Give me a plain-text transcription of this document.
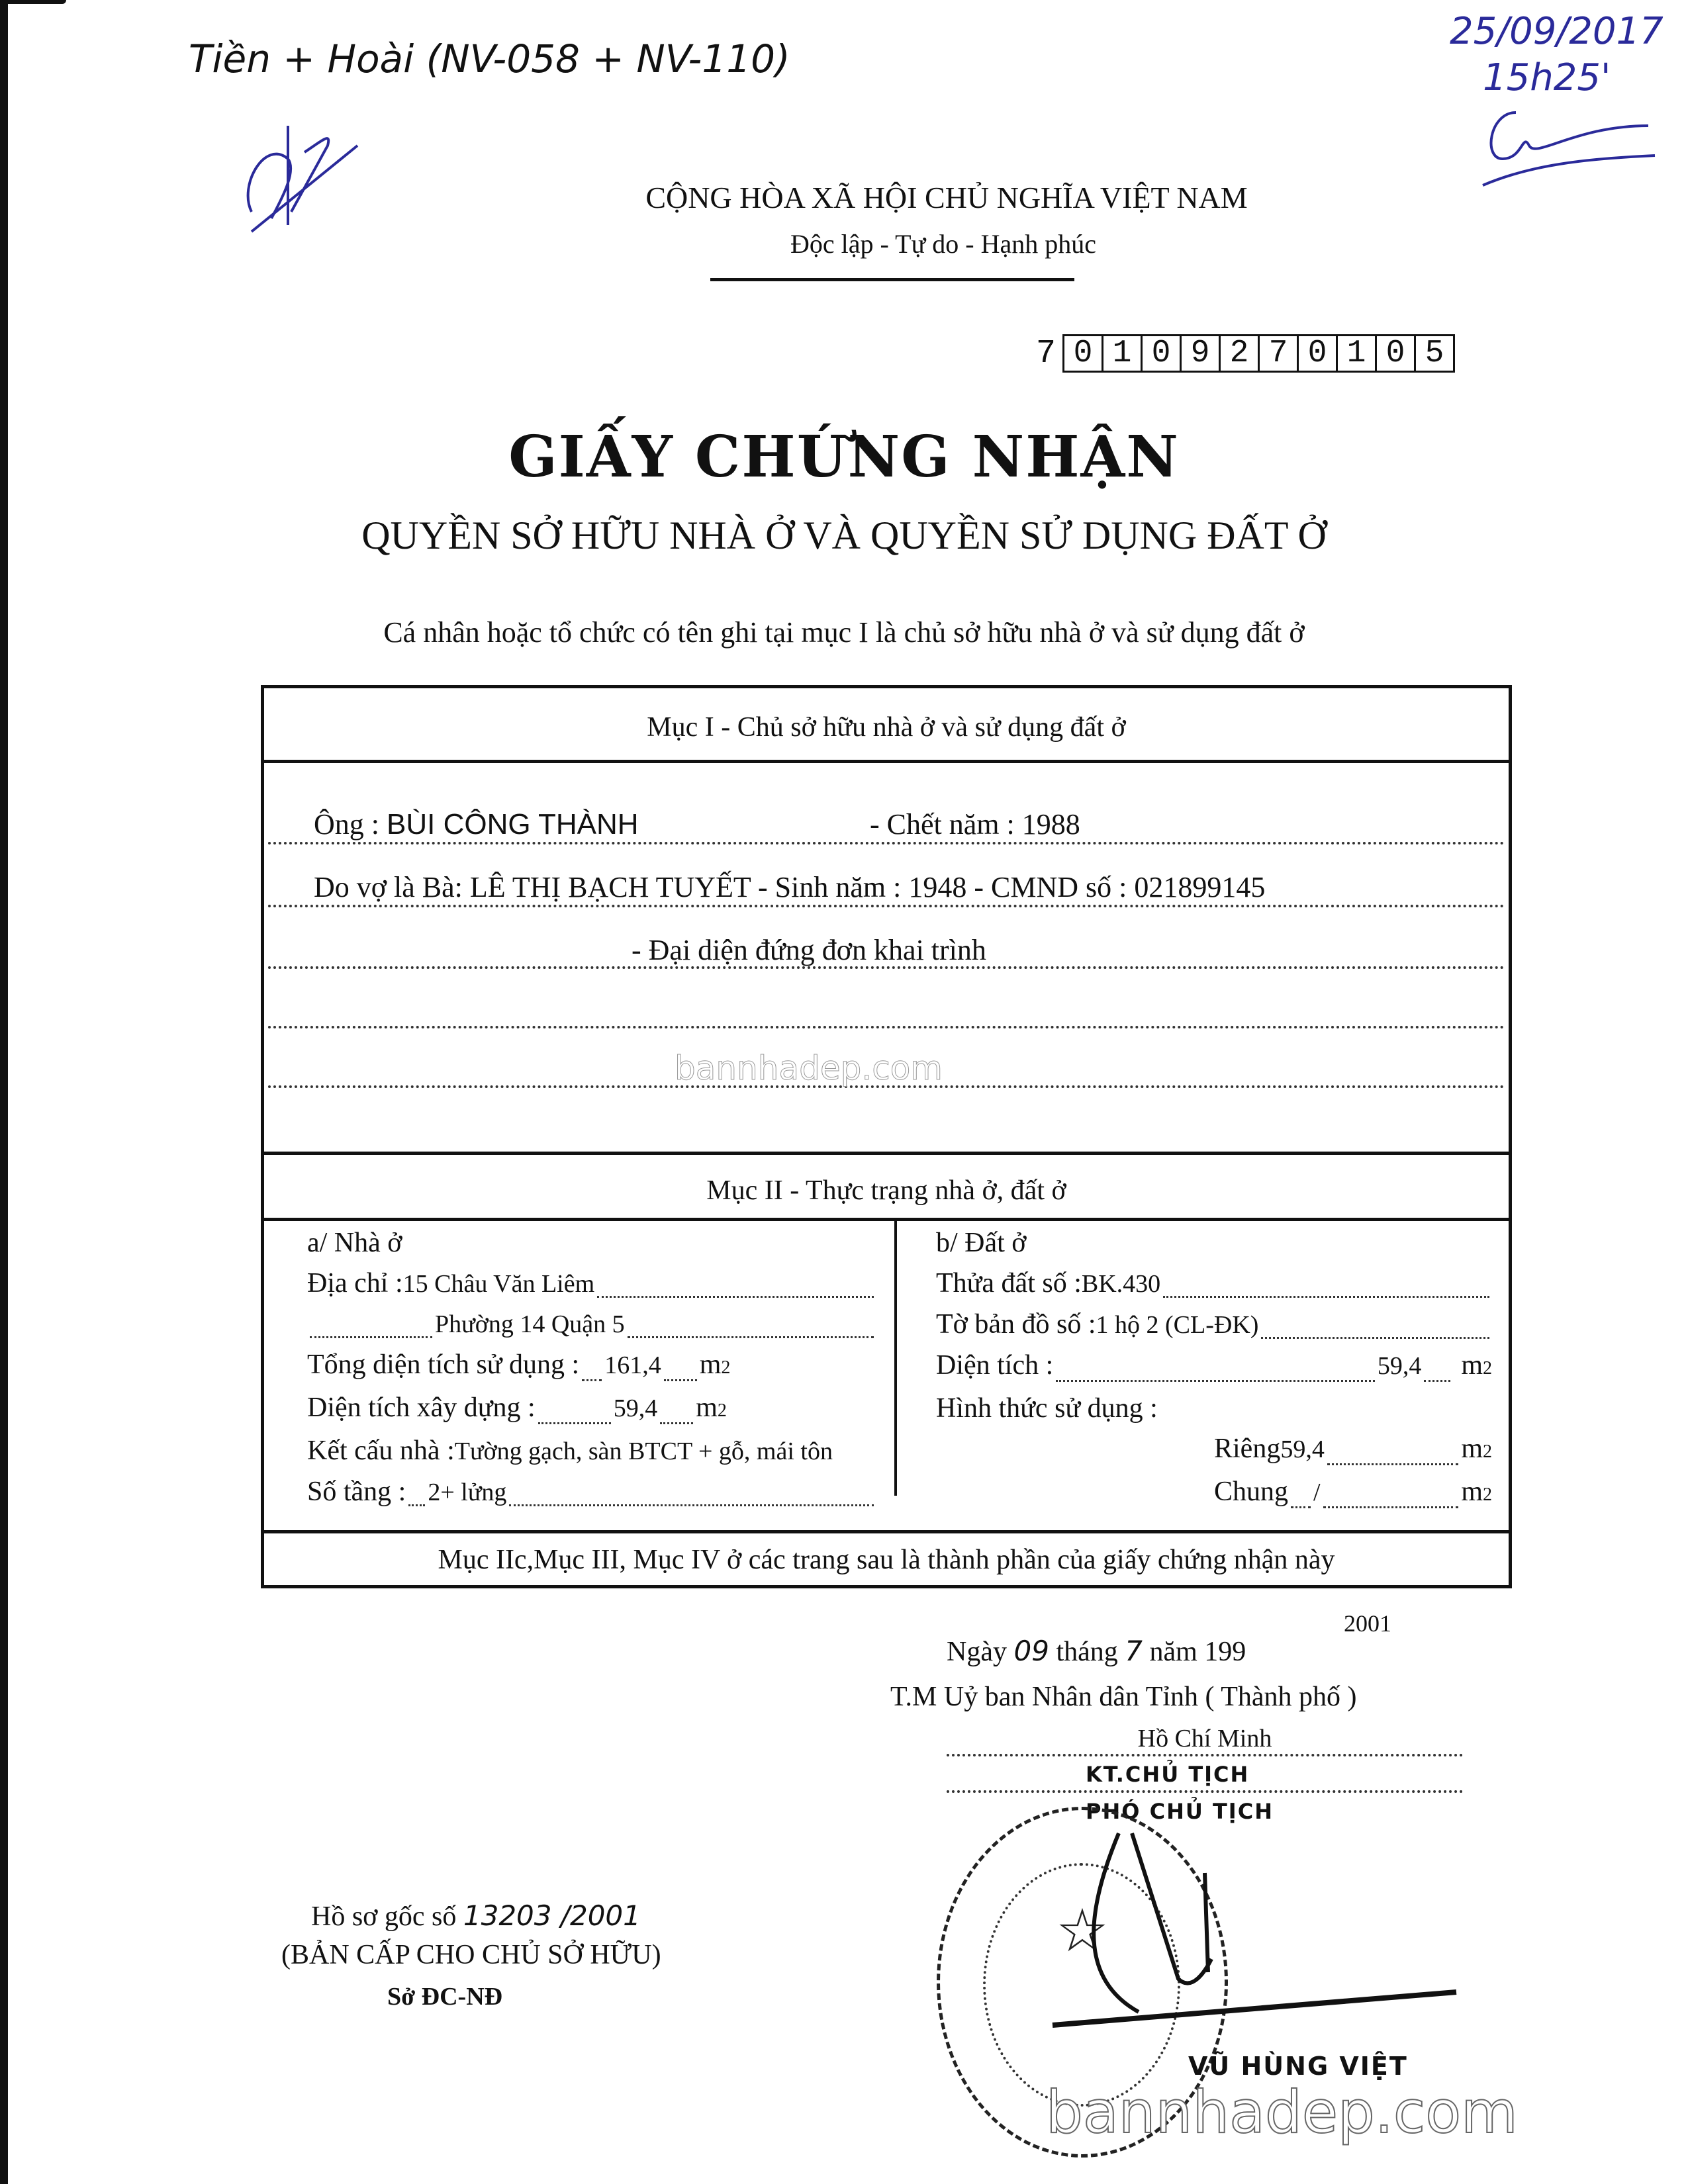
Tiền + Hoài (NV-058 + NV-110)
25/09/2017
15h25'
CỘNG HÒA XÃ HỘI CHỦ NGHĨA VIỆT NAM
Độc lập - Tự do - Hạnh phúc
7 0 1 0 9 2 7 0 1 0 5
GIẤY CHỨNG NHẬN
QUYỀN SỞ HỮU NHÀ Ở VÀ QUYỀN SỬ DỤNG ĐẤT Ở
Cá nhân hoặc tổ chức có tên ghi tại mục I là chủ sở hữu nhà ở và sử dụng đất ở
Mục I - Chủ sở hữu nhà ở và sử dụng đất ở
Ông : BÙI CÔNG THÀNH	- Chết năm : 1988
Do vợ là Bà: LÊ THỊ BẠCH TUYẾT - Sinh năm : 1948 - CMND số : 021899145
- Đại diện đứng đơn khai trình
bannhadep.com
Mục II - Thực trạng nhà ở, đất ở
a/ Nhà ở
Địa chỉ : 15 Châu Văn Liêm
Phường 14 Quận 5
Tổng diện tích sử dụng : 161,4 m 2
Diện tích xây dựng :	59,4 m 2
Kết cấu nhà : Tường gạch, sàn BTCT + gỗ, mái tôn
Số tầng : 2+ lửng
b/ Đất ở
Thửa đất số : BK.430
Tờ bản đồ số : 1 hộ 2 (CL-ĐK)
Diện tích :	59,4 m 2
Hình thức sử dụng :
Riêng 59,4	m 2
Chung /	m 2
Mục IIc,Mục III, Mục IV ở các trang sau là thành phần của giấy chứng nhận này
2001
Ngày 09 tháng 7 năm 199
T.M Uỷ ban Nhân dân Tỉnh ( Thành phố )
Hồ Chí Minh
KT.CHỦ TỊCH
PHÓ CHỦ TỊCH
☆
VŨ HÙNG VIỆT
Hồ sơ gốc số 13203 /2001
(BẢN CẤP CHO CHỦ SỞ HỮU)
Sở ĐC-NĐ
bannhadep.com
